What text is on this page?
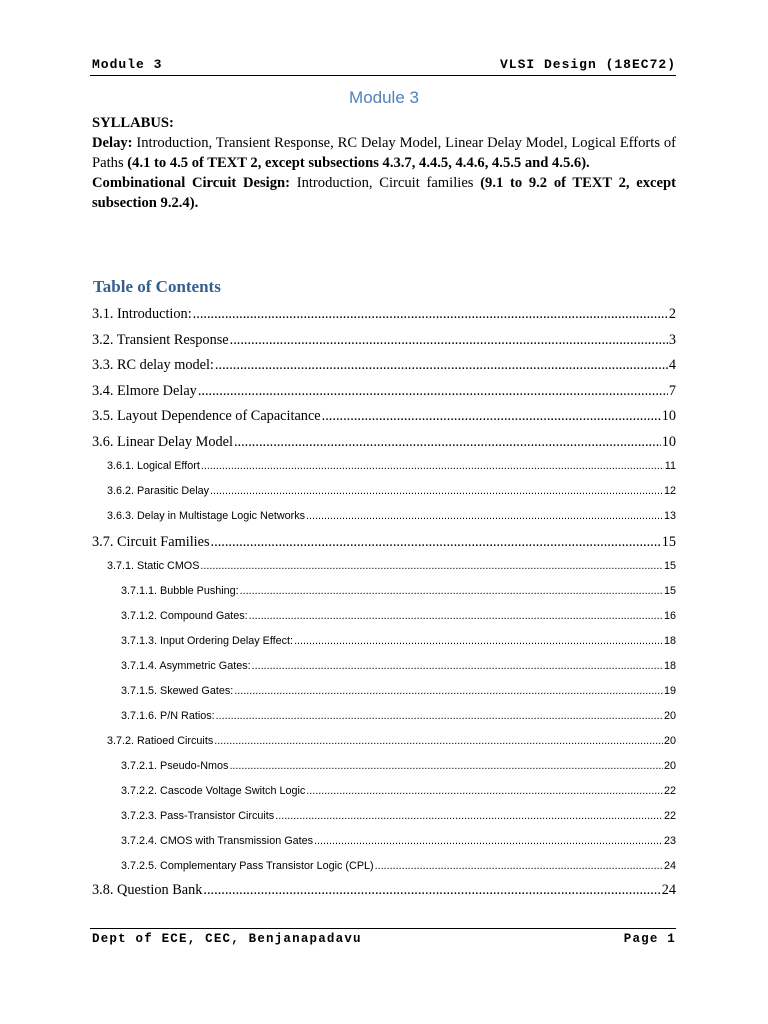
Module 3	VLSI Design (18EC72)
Module 3

SYLLABUS:

Delay: Introduction, Transient Response, RC Delay Model, Linear Delay Model, Logical Efforts of Paths (4.1 to 4.5 of TEXT 2, except subsections 4.3.7, 4.4.5, 4.4.6, 4.5.5 and 4.5.6).

Combinational Circuit Design: Introduction, Circuit families (9.1 to 9.2 of TEXT 2, except subsection 9.2.4).

Table of Contents
3.1. Introduction: .....	2
3.2. Transient Response .....	3
3.3. RC delay model: .....	4
3.4. Elmore Delay .....	7
3.5. Layout Dependence of Capacitance .....	10
3.6. Linear Delay Model .....	10
3.6.1. Logical Effort .....	11
3.6.2. Parasitic Delay .....	12
3.6.3. Delay in Multistage Logic Networks .....	13
3.7. Circuit Families .....	15
3.7.1. Static CMOS .....	15
3.7.1.1. Bubble Pushing: .....	15
3.7.1.2. Compound Gates: .....	16
3.7.1.3. Input Ordering Delay Effect: .....	18
3.7.1.4. Asymmetric Gates: .....	18
3.7.1.5. Skewed Gates: .....	19
3.7.1.6. P/N Ratios: .....	20
3.7.2. Ratioed Circuits .....	20
3.7.2.1. Pseudo-Nmos .....	20
3.7.2.2. Cascode Voltage Switch Logic .....	22
3.7.2.3. Pass-Transistor Circuits .....	22
3.7.2.4. CMOS with Transmission Gates .....	23
3.7.2.5. Complementary Pass Transistor Logic (CPL) .....	24
3.8. Question Bank .....	24
Dept of ECE, CEC, Benjanapadavu	Page 1
